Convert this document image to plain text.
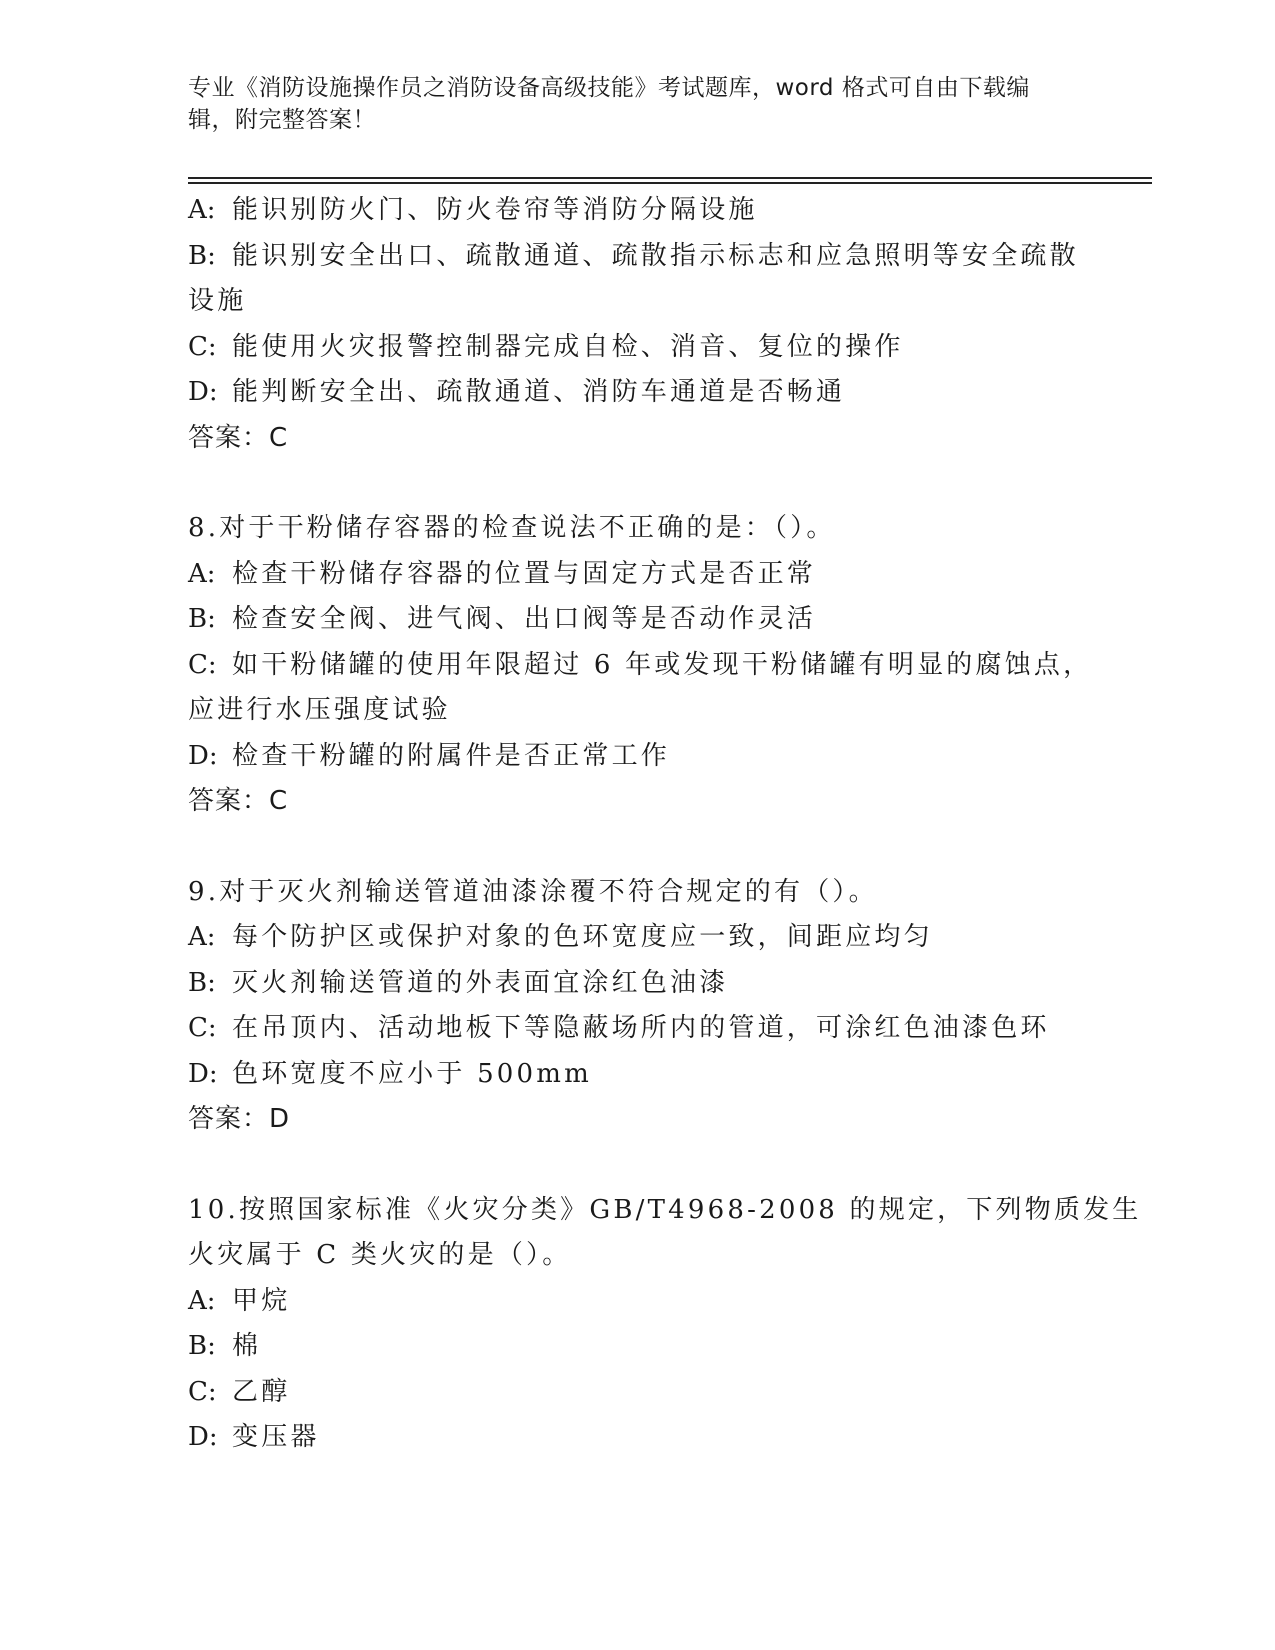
专业《消防设施操作员之消防设备高级技能》考试题库，word 格式可自由下载编

辑，附完整答案！

A: 能识别防火门、防火卷帘等消防分隔设施

B: 能识别安全出口、疏散通道、疏散指示标志和应急照明等安全疏散

设施

C: 能使用火灾报警控制器完成自检、消音、复位的操作

D: 能判断安全出、疏散通道、消防车通道是否畅通

答案：C

8.对于干粉储存容器的检查说法不正确的是：（）。

A: 检查干粉储存容器的位置与固定方式是否正常

B: 检查安全阀、进气阀、出口阀等是否动作灵活

C: 如干粉储罐的使用年限超过 6 年或发现干粉储罐有明显的腐蚀点，

应进行水压强度试验

D: 检查干粉罐的附属件是否正常工作

答案：C

9.对于灭火剂输送管道油漆涂覆不符合规定的有（）。

A: 每个防护区或保护对象的色环宽度应一致，间距应均匀

B: 灭火剂输送管道的外表面宜涂红色油漆

C: 在吊顶内、活动地板下等隐蔽场所内的管道，可涂红色油漆色环

D: 色环宽度不应小于 500mm

答案：D

10.按照国家标准《火灾分类》GB/T4968-2008 的规定，下列物质发生

火灾属于 C 类火灾的是（）。

A: 甲烷

B: 棉

C: 乙醇

D: 变压器
